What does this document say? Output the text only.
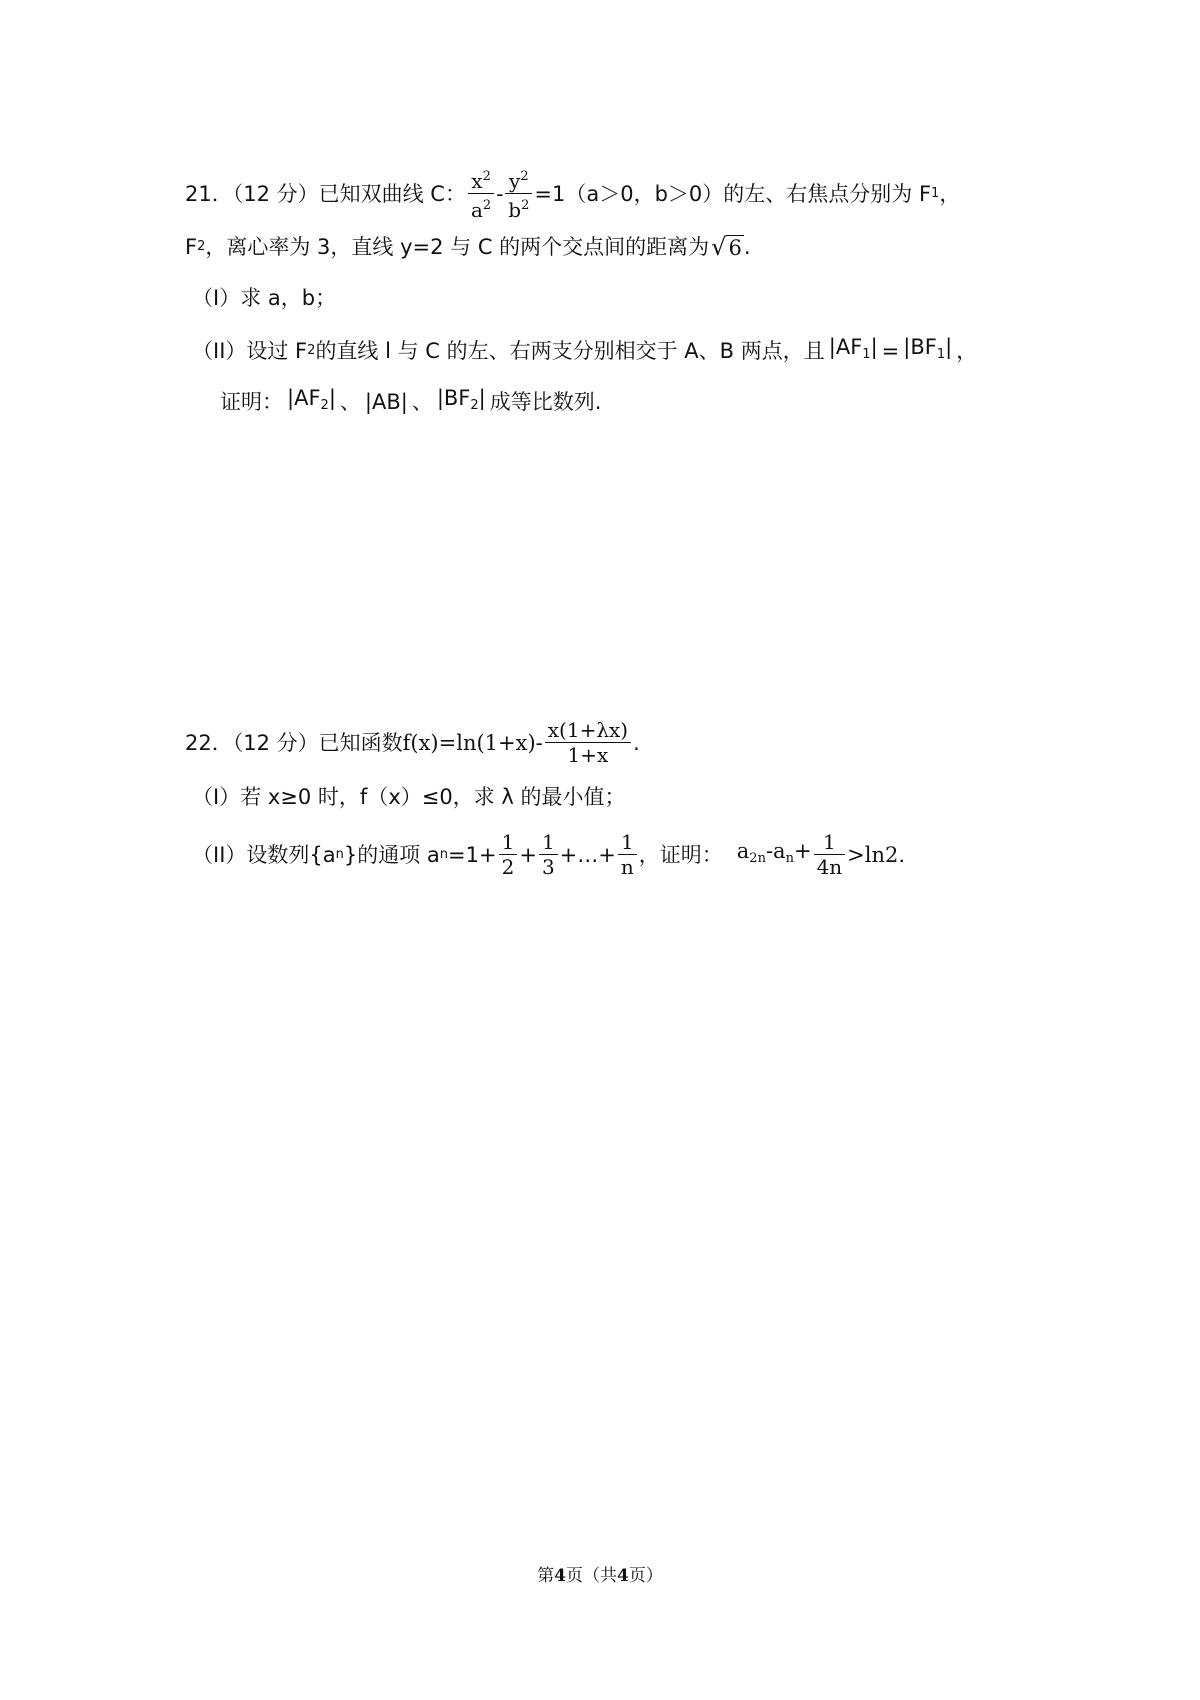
21．（12 分）已知双曲线 C： $\frac{x^2}{a^2} - \frac{y^2}{b^2} =1(a>0$，b＞0）的左、右焦点分别为 F 1 ，
F 2 ，离心率为 3，直线 y=2 与 C 的两个交点间的距离为 √ 6 .
（I）求 a，b；
（II）设过 F 2 的直线 l 与 C 的左、右两支分别相交于 A、B 两点，且 $|AF_1| = |BF_1|$ ，
证明： $|AF_2|$ 、 |AB| 、 $|BF_2|$ 成等比数列.
22．（12 分）已知函数 $f(x)=\ln(1+x) - \frac{x(1+\lambda x)}{1+x}$ .
（I）若 x≥0 时，f（x）≤0，求 λ 的最小值；
（II）设数列{a n }的通项 a $n =1+ \frac{1}{2} + \frac{1}{3}$ +…+ $\frac{1}{n}$ ，证明： $a_{2n}-a_n+ \frac{1}{4n} >\ln 2$.
第4页（共4页）
